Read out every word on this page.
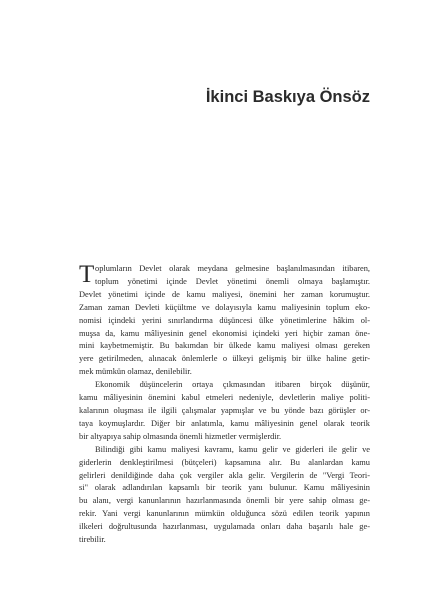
İkinci Baskıya Önsöz
T oplumların Devlet olarak meydana gelmesine başlanılmasından itibaren,
toplum yönetimi içinde Devlet yönetimi önemli olmaya başlamıştır.
Devlet yönetimi içinde de kamu maliyesi, önemini her zaman korumuştur.
Zaman zaman Devleti küçültme ve dolayısıyla kamu maliyesinin toplum eko-
nomisi içindeki yerini sınırlandırma düşüncesi ülke yönetimlerine hâkim ol-
muşsa da, kamu mâliyesinin genel ekonomisi içindeki yeri hiçbir zaman öne-
mini kaybetmemiştir. Bu bakımdan bir ülkede kamu maliyesi olması gereken
yere getirilmeden, alınacak önlemlerle o ülkeyi gelişmiş bir ülke haline getir-
mek mümkün olamaz, denilebilir.
Ekonomik düşüncelerin ortaya çıkmasından itibaren birçok düşünür,
kamu mâliyesinin önemini kabul etmeleri nedeniyle, devletlerin maliye politi-
kalarının oluşması ile ilgili çalışmalar yapmışlar ve bu yönde bazı görüşler or-
taya koymuşlardır. Diğer bir anlatımla, kamu mâliyesinin genel olarak teorik
bir altyapıya sahip olmasında önemli hizmetler vermişlerdir.
Bilindiği gibi kamu maliyesi kavramı, kamu gelir ve giderleri ile gelir ve
giderlerin denkleştirilmesi (bütçeleri) kapsamına alır. Bu alanlardan kamu
gelirleri denildiğinde daha çok vergiler akla gelir. Vergilerin de "Vergi Teori-
si" olarak adlandırılan kapsamlı bir teorik yanı bulunur. Kamu mâliyesinin
bu alanı, vergi kanunlarının hazırlanmasında önemli bir yere sahip olması ge-
rekir. Yani vergi kanunlarının mümkün olduğunca sözü edilen teorik yapının
ilkeleri doğrultusunda hazırlanması, uygulamada onları daha başarılı hale ge-
tirebilir.
